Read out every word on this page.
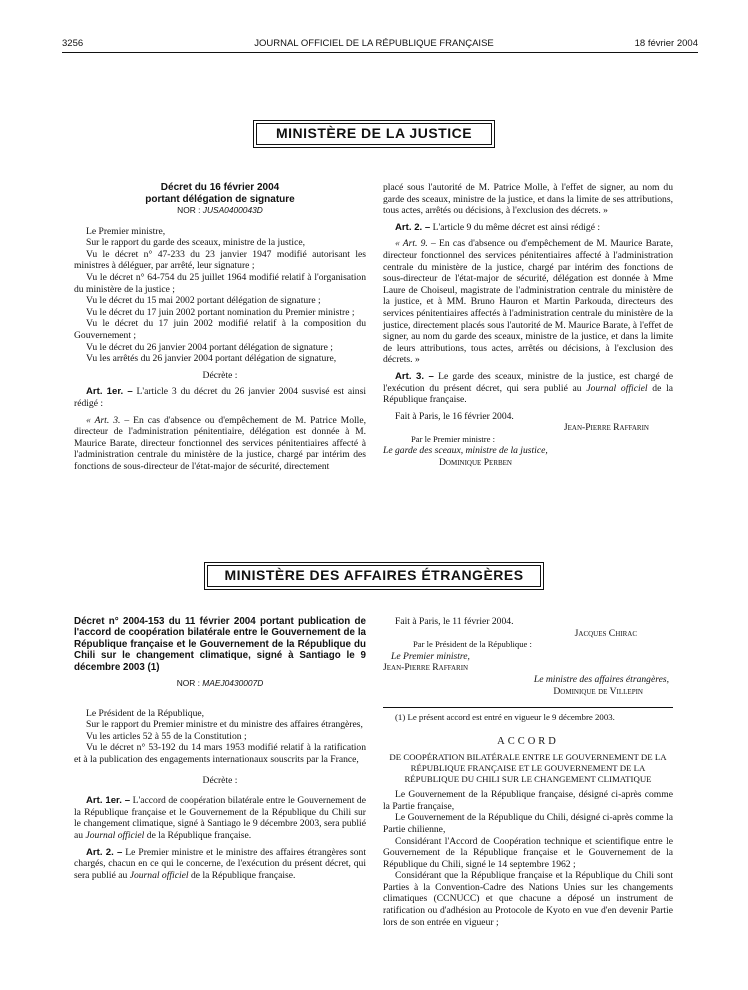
3256	JOURNAL OFFICIEL DE LA RÉPUBLIQUE FRANÇAISE	18 février 2004
MINISTÈRE DE LA JUSTICE
Décret du 16 février 2004
portant délégation de signature
NOR : JUSA0400043D

Le Premier ministre,

Sur le rapport du garde des sceaux, ministre de la justice,

Vu le décret n° 47-233 du 23 janvier 1947 modifié autorisant les ministres à déléguer, par arrêté, leur signature ;

Vu le décret n° 64-754 du 25 juillet 1964 modifié relatif à l'organisation du ministère de la justice ;

Vu le décret du 15 mai 2002 portant délégation de signature ;

Vu le décret du 17 juin 2002 portant nomination du Premier ministre ;

Vu le décret du 17 juin 2002 modifié relatif à la composition du Gouvernement ;

Vu le décret du 26 janvier 2004 portant délégation de signature ;

Vu les arrêtés du 26 janvier 2004 portant délégation de signature,

Décrète :

Art. 1er. – L'article 3 du décret du 26 janvier 2004 susvisé est ainsi rédigé :

« Art. 3. – En cas d'absence ou d'empêchement de M. Patrice Molle, directeur de l'administration pénitentiaire, délégation est donnée à M. Maurice Barate, directeur fonctionnel des services pénitentiaires affecté à l'administration centrale du ministère de la justice, chargé par intérim des fonctions de sous-directeur de l'état-major de sécurité, directement

placé sous l'autorité de M. Patrice Molle, à l'effet de signer, au nom du garde des sceaux, ministre de la justice, et dans la limite de ses attributions, tous actes, arrêtés ou décisions, à l'exclusion des décrets. »

Art. 2. – L'article 9 du même décret est ainsi rédigé :

« Art. 9. – En cas d'absence ou d'empêchement de M. Maurice Barate, directeur fonctionnel des services pénitentiaires affecté à l'administration centrale du ministère de la justice, chargé par intérim des fonctions de sous-directeur de l'état-major de sécurité, délégation est donnée à Mme Laure de Choiseul, magistrate de l'administration centrale du ministère de la justice, et à MM. Bruno Hauron et Martin Parkouda, directeurs des services pénitentiaires affectés à l'administration centrale du ministère de la justice, directement placés sous l'autorité de M. Maurice Barate, à l'effet de signer, au nom du garde des sceaux, ministre de la justice, et dans la limite de leurs attributions, tous actes, arrêtés ou décisions, à l'exclusion des décrets. »

Art. 3. – Le garde des sceaux, ministre de la justice, est chargé de l'exécution du présent décret, qui sera publié au Journal officiel de la République française.

Fait à Paris, le 16 février 2004.

Jean-Pierre Raffarin

Par le Premier ministre :

Le garde des sceaux, ministre de la justice,

Dominique Perben

MINISTÈRE DES AFFAIRES ÉTRANGÈRES
Décret n° 2004-153 du 11 février 2004 portant publication de l'accord de coopération bilatérale entre le Gouvernement de la République française et le Gouvernement de la République du Chili sur le changement climatique, signé à Santiago le 9 décembre 2003 (1)
NOR : MAEJ0430007D

Le Président de la République,

Sur le rapport du Premier ministre et du ministre des affaires étrangères,

Vu les articles 52 à 55 de la Constitution ;

Vu le décret n° 53-192 du 14 mars 1953 modifié relatif à la ratification et à la publication des engagements internationaux souscrits par la France,

Décrète :

Art. 1er. – L'accord de coopération bilatérale entre le Gouvernement de la République française et le Gouvernement de la République du Chili sur le changement climatique, signé à Santiago le 9 décembre 2003, sera publié au Journal officiel de la République française.

Art. 2. – Le Premier ministre et le ministre des affaires étrangères sont chargés, chacun en ce qui le concerne, de l'exécution du présent décret, qui sera publié au Journal officiel de la République française.

Fait à Paris, le 11 février 2004.

Jacques Chirac

Par le Président de la République :

Le Premier ministre,

Jean-Pierre Raffarin

Le ministre des affaires étrangères,

Dominique de Villepin

(1) Le présent accord est entré en vigueur le 9 décembre 2003.

ACCORD

DE COOPÉRATION BILATÉRALE ENTRE LE GOUVERNEMENT DE LA RÉPUBLIQUE FRANÇAISE ET LE GOUVERNEMENT DE LA RÉPUBLIQUE DU CHILI SUR LE CHANGEMENT CLIMATIQUE

Le Gouvernement de la République française, désigné ci-après comme la Partie française,

Le Gouvernement de la République du Chili, désigné ci-après comme la Partie chilienne,

Considérant l'Accord de Coopération technique et scientifique entre le Gouvernement de la République française et le Gouvernement de la République du Chili, signé le 14 septembre 1962 ;

Considérant que la République française et la République du Chili sont Parties à la Convention-Cadre des Nations Unies sur les changements climatiques (CCNUCC) et que chacune a déposé un instrument de ratification ou d'adhésion au Protocole de Kyoto en vue d'en devenir Partie lors de son entrée en vigueur ;
